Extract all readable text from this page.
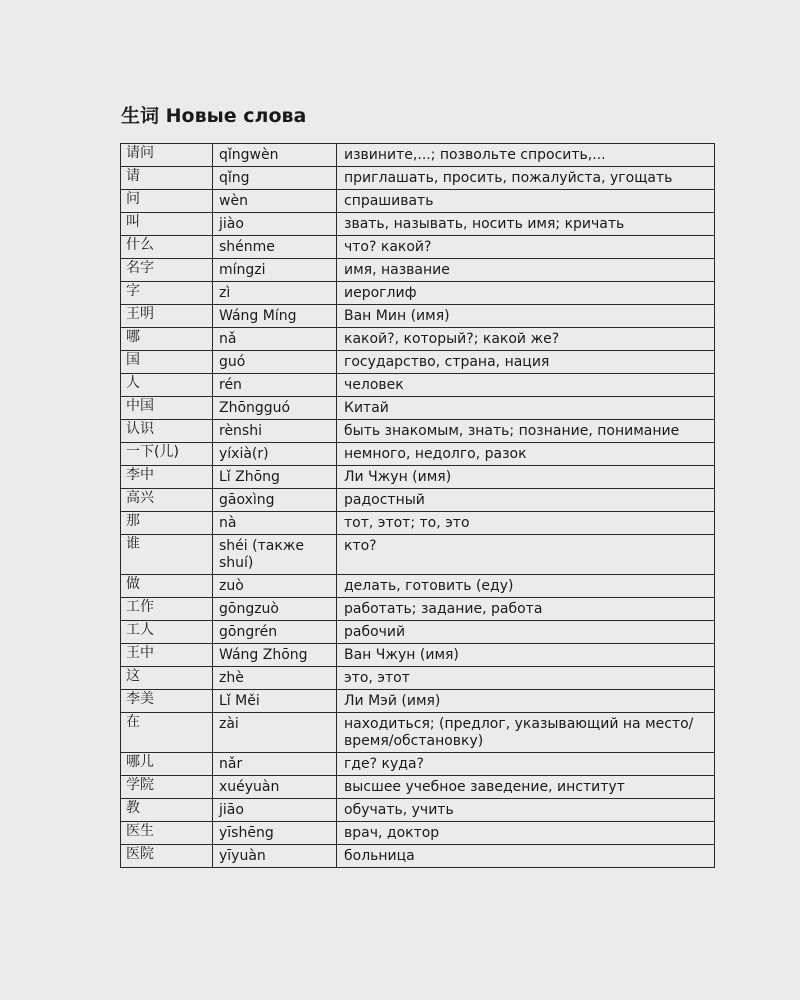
生词 Новые слова
请问	qǐngwèn	извините,...; позвольте спросить,...
请	qǐng	приглашать, просить, пожалуйста, угощать
问	wèn	спрашивать
叫	jiào	звать, называть, носить имя; кричать
什么	shénme	что? какой?
名字	míngzi	имя, название
字	zì	иероглиф
王明	Wáng Míng	Ван Мин (имя)
哪	nǎ	какой?, который?; какой же?
国	guó	государство, страна, нация
人	rén	человек
中国	Zhōngguó	Китай
认识	rènshi	быть знакомым, знать; познание, понимание
一下(儿)	yíxià(r)	немного, недолго, разок
李中	Lǐ Zhōng	Ли Чжун (имя)
高兴	gāoxìng	радостный
那	nà	тот, этот; то, это
谁	shéi (также shuí)	кто?
做	zuò	делать, готовить (еду)
工作	gōngzuò	работать; задание, работа
工人	gōngrén	рабочий
王中	Wáng Zhōng	Ван Чжун (имя)
这	zhè	это, этот
李美	Lǐ Měi	Ли Мэй (имя)
在	zài	находиться; (предлог, указывающий на место/время/обстановку)
哪儿	nǎr	где? куда?
学院	xuéyuàn	высшее учебное заведение, институт
教	jiāo	обучать, учить
医生	yīshēng	врач, доктор
医院	yīyuàn	больница
